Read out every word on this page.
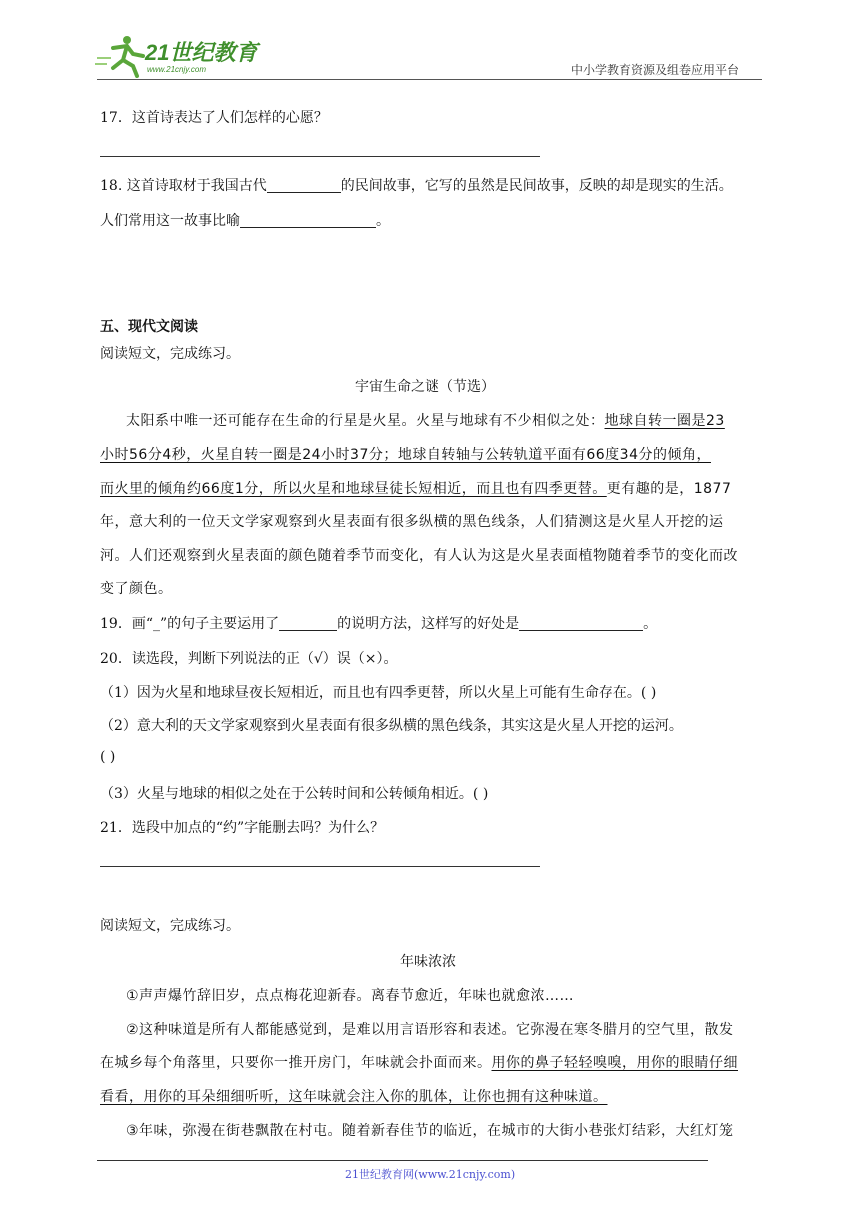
21世纪教育
www.21cnjy.com	中小学教育资源及组卷应用平台
17．这首诗表达了人们怎样的心愿？
18. 这首诗取材于我国古代	的民间故事，它写的虽然是民间故事，反映的却是现实的生活。
人们常用这一故事比喻	。
五、现代文阅读
阅读短文，完成练习。
宇宙生命之谜（节选）
太阳系中唯一还可能存在生命的行星是火星。火星与地球有不少相似之处：地球自转一圈是23
小时56分4秒，火星自转一圈是24小时37分；地球自转轴与公转轨道平面有66度34分的倾角，
而火里的倾角约66度1分，所以火星和地球昼徒长短相近，而且也有四季更替。更有趣的是，1877
年，意大利的一位天文学家观察到火星表面有很多纵横的黑色线条，人们猜测这是火星人开挖的运
河。人们还观察到火星表面的颜色随着季节而变化，有人认为这是火星表面植物随着季节的变化而改
变了颜色。
19．画“_”的句子主要运用了	的说明方法，这样写的好处是	。
20．读选段，判断下列说法的正（√）误（×）。
（1）因为火星和地球昼夜长短相近，而且也有四季更替，所以火星上可能有生命存在。( )
（2）意大利的天文学家观察到火星表面有很多纵横的黑色线条，其实这是火星人开挖的运河。
( )
（3）火星与地球的相似之处在于公转时间和公转倾角相近。( )
21．选段中加点的“约”字能删去吗？为什么？
阅读短文，完成练习。
年味浓浓
①声声爆竹辞旧岁，点点梅花迎新春。离春节愈近，年味也就愈浓……
②这种味道是所有人都能感觉到，是难以用言语形容和表述。它弥漫在寒冬腊月的空气里，散发
在城乡每个角落里，只要你一推开房门，年味就会扑面而来。用你的鼻子轻轻嗅嗅，用你的眼睛仔细
看看，用你的耳朵细细听听，这年味就会注入你的肌体，让你也拥有这种味道。
③年味，弥漫在街巷飘散在村屯。随着新春佳节的临近，在城市的大街小巷张灯结彩，大红灯笼
21世纪教育网(www.21cnjy.com)
